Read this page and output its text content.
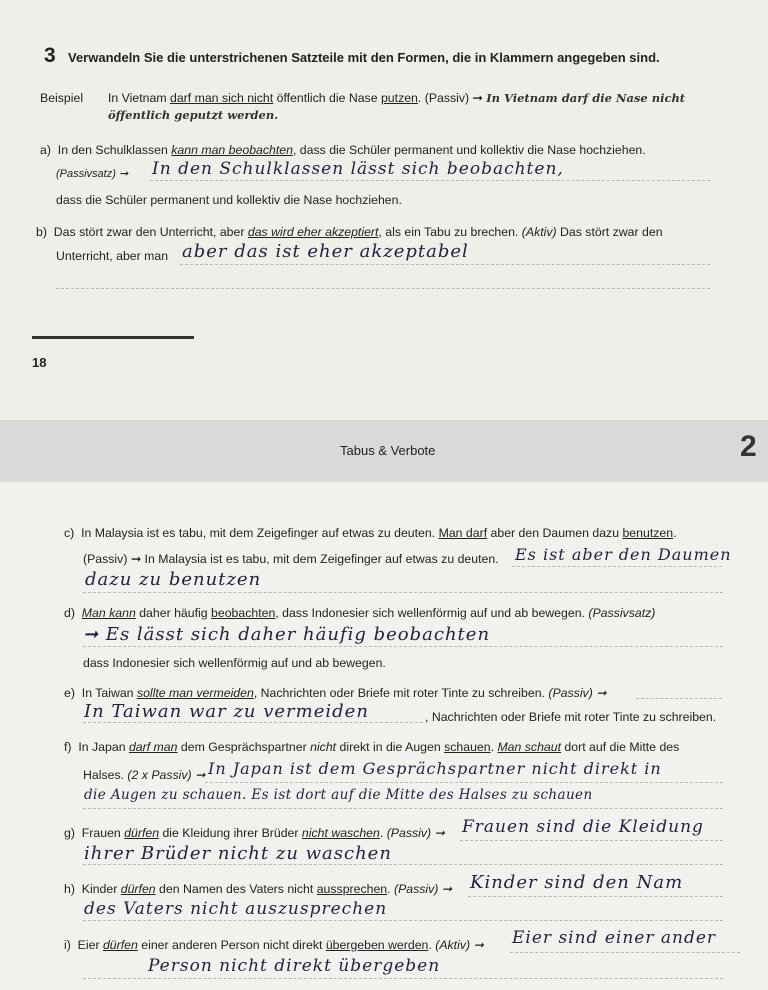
3 Verwandeln Sie die unterstrichenen Satzteile mit den Formen, die in Klammern angegeben sind.
Beispiel In Vietnam darf man sich nicht öffentlich die Nase putzen. (Passiv) ➞ In Vietnam darf die Nase nicht
öffentlich geputzt werden.
a) In den Schulklassen kann man beobachten, dass die Schüler permanent und kollektiv die Nase hochziehen.
(Passivsatz) ➞ In den Schulklassen lässt sich beobachten,
dass die Schüler permanent und kollektiv die Nase hochziehen.
b) Das stört zwar den Unterricht, aber das wird eher akzeptiert, als ein Tabu zu brechen. (Aktiv) Das stört zwar den
Unterricht, aber man aber das ist eher akzeptabel
18
Tabus & Verbote	2
c) In Malaysia ist es tabu, mit dem Zeigefinger auf etwas zu deuten. Man darf aber den Daumen dazu benutzen.
(Passiv) ➞ In Malaysia ist es tabu, mit dem Zeigefinger auf etwas zu deuten. Es ist aber den Daumen
dazu zu benutzen
d) Man kann daher häufig beobachten, dass Indonesier sich wellenförmig auf und ab bewegen. (Passivsatz)
➞ Es lässt sich daher häufig beobachten
dass Indonesier sich wellenförmig auf und ab bewegen.
e) In Taiwan sollte man vermeiden, Nachrichten oder Briefe mit roter Tinte zu schreiben. (Passiv) ➞
In Taiwan war zu vermeiden	, Nachrichten oder Briefe mit roter Tinte zu schreiben.
f) In Japan darf man dem Gesprächspartner nicht direkt in die Augen schauen. Man schaut dort auf die Mitte des
Halses. (2 x Passiv) ➞ In Japan ist dem Gesprächspartner nicht direkt in
die Augen zu schauen. Es ist dort auf die Mitte des Halses zu schauen
g) Frauen dürfen die Kleidung ihrer Brüder nicht waschen. (Passiv) ➞ Frauen sind die Kleidung
ihrer Brüder nicht zu waschen
h) Kinder dürfen den Namen des Vaters nicht aussprechen. (Passiv) ➞ Kinder sind den Nam
des Vaters nicht auszusprechen
i) Eier dürfen einer anderen Person nicht direkt übergeben werden. (Aktiv) ➞ Eier sind einer ander
Person nicht direkt übergeben
